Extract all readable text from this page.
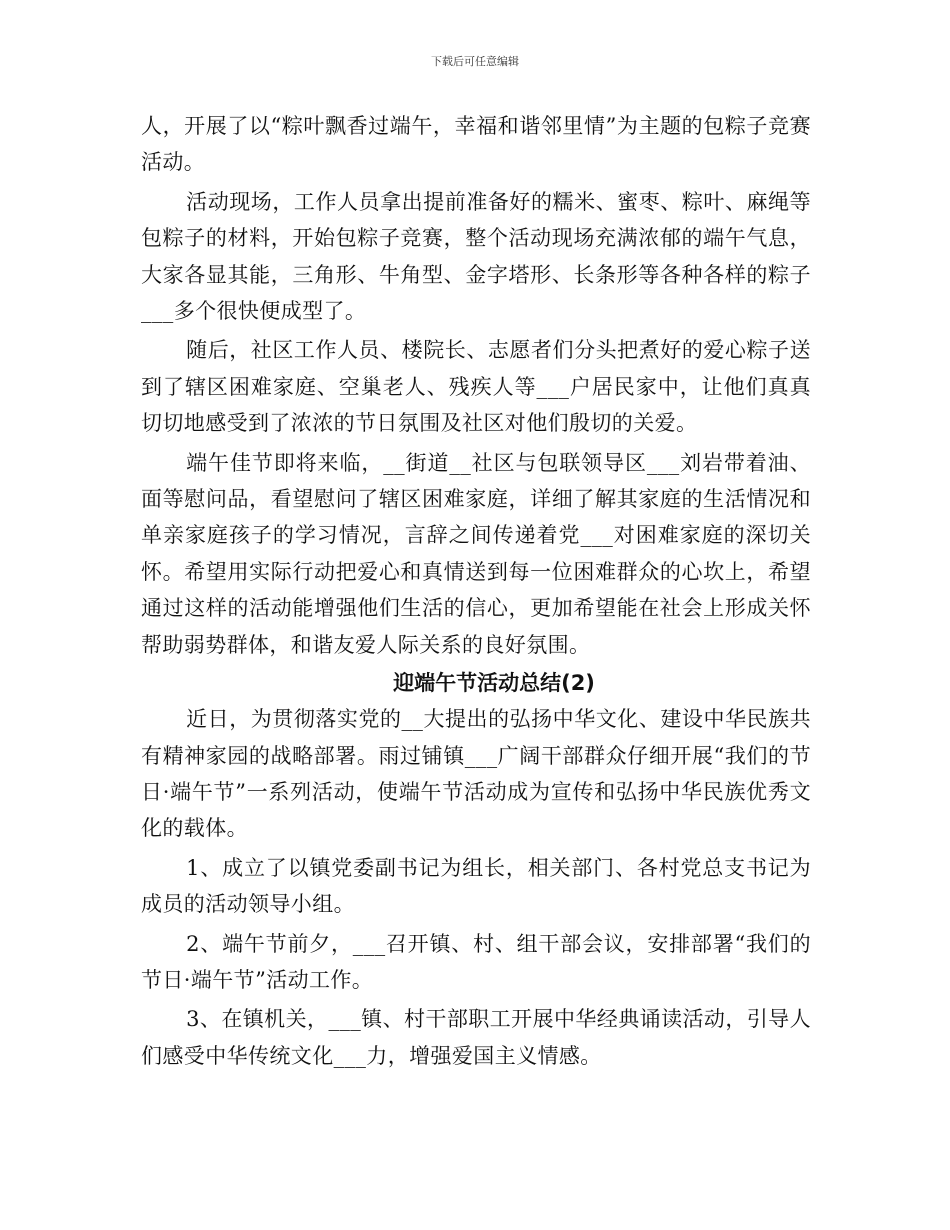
下载后可任意编辑

人，开展了以“粽叶飘香过端午，幸福和谐邻里情”为主题的包粽子竞赛活动。

活动现场，工作人员拿出提前准备好的糯米、蜜枣、粽叶、麻绳等包粽子的材料，开始包粽子竞赛，整个活动现场充满浓郁的端午气息，大家各显其能，三角形、牛角型、金字塔形、长条形等各种各样的粽子___多个很快便成型了。

随后，社区工作人员、楼院长、志愿者们分头把煮好的爱心粽子送到了辖区困难家庭、空巢老人、残疾人等___户居民家中，让他们真真切切地感受到了浓浓的节日氛围及社区对他们殷切的关爱。

端午佳节即将来临，__街道__社区与包联领导区___刘岩带着油、面等慰问品，看望慰问了辖区困难家庭，详细了解其家庭的生活情况和单亲家庭孩子的学习情况，言辞之间传递着党___对困难家庭的深切关怀。希望用实际行动把爱心和真情送到每一位困难群众的心坎上，希望通过这样的活动能增强他们生活的信心，更加希望能在社会上形成关怀帮助弱势群体，和谐友爱人际关系的良好氛围。

迎端午节活动总结(2)

近日，为贯彻落实党的__大提出的弘扬中华文化、建设中华民族共有精神家园的战略部署。雨过铺镇___广阔干部群众仔细开展“我们的节日·端午节”一系列活动，使端午节活动成为宣传和弘扬中华民族优秀文化的载体。

1、成立了以镇党委副书记为组长，相关部门、各村党总支书记为成员的活动领导小组。

2、端午节前夕，___召开镇、村、组干部会议，安排部署“我们的节日·端午节”活动工作。

3、在镇机关，___镇、村干部职工开展中华经典诵读活动，引导人们感受中华传统文化___力，增强爱国主义情感。
